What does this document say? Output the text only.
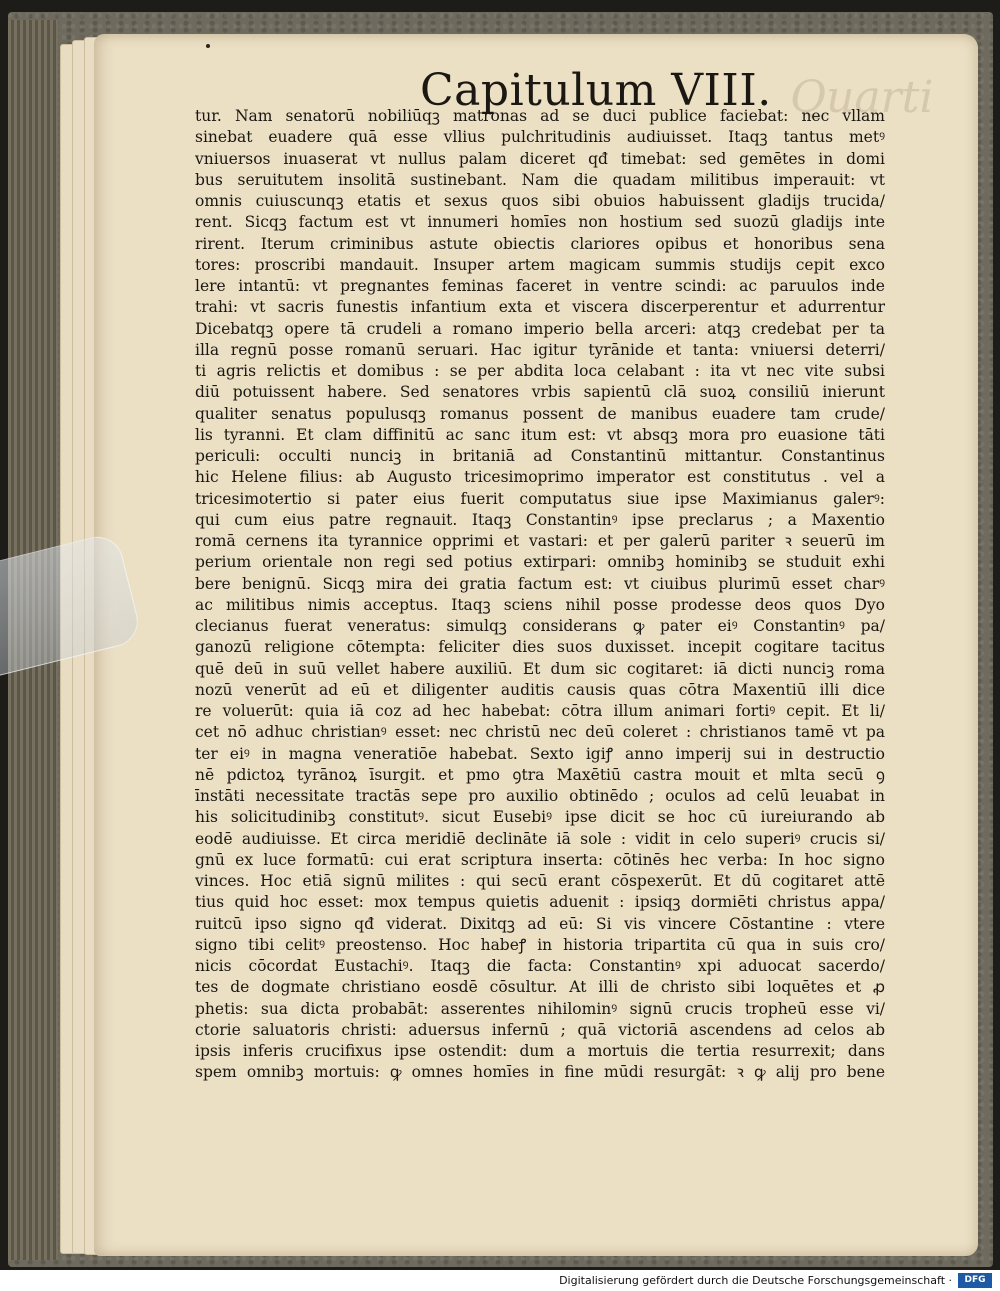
Quarti
Capitulum VIII.
tur. Nam senatorū nobiliūqꝫ matronas ad se duci publice faciebat: nec vllam
sinebat euadere quā esse vllius pulchritudinis audiuisset. Itaqꝫ tantus metꝰ
vniuersos inuaserat vt nullus palam diceret qđ timebat: sed gemētes in domi
bus seruitutem insolitā sustinebant. Nam die quadam militibus imperauit: vt
omnis cuiuscunqꝫ etatis et sexus quos sibi obuios habuissent gladijs trucida/
rent. Sicqꝫ factum est vt innumeri homīes non hostium sed suozū gladijs inte
rirent. Iterum criminibus astute obiectis clariores opibus et honoribus sena
tores: proscribi mandauit. Insuper artem magicam summis studijs cepit exco
lere intantū: vt pregnantes feminas faceret in ventre scindi: ac paruulos inde
trahi: vt sacris funestis infantium exta et viscera discerperentur et adurrentur
Dicebatqꝫ opere tā crudeli a romano imperio bella arceri: atqꝫ credebat per ta
illa regnū posse romanū seruari. Hac igitur tyrānide et tanta: vniuersi deterri/
ti agris relictis et domibus : se per abdita loca celabant : ita vt nec vite subsi
diū potuissent habere. Sed senatores vrbis sapientū clā suoꝝ consiliū inierunt
qualiter senatus populusqꝫ romanus possent de manibus euadere tam crude/
lis tyranni. Et clam diffinitū ac sanc itum est: vt absqꝫ mora pro euasione tāti
periculi: occulti nunciꝫ in britaniā ad Constantinū mittantur. Constantinus
hic Helene filius: ab Augusto tricesimoprimo imperator est constitutus . vel a
tricesimotertio si pater eius fuerit computatus siue ipse Maximianus galerꝰ:
qui cum eius patre regnauit. Itaqꝫ Constantinꝰ ipse preclarus ; a Maxentio
romā cernens ita tyrannice opprimi et vastari: et per galerū pariter ꝛ seuerū im
perium orientale non regi sed potius extirpari: omnibꝫ hominibꝫ se studuit exhi
bere benignū. Sicqꝫ mira dei gratia factum est: vt ciuibus plurimū esset charꝰ
ac militibus nimis acceptus. Itaqꝫ sciens nihil posse prodesse deos quos Dyo
clecianus fuerat veneratus: simulqꝫ considerans ꝙ pater eiꝰ Constantinꝰ pa/
ganozū religione cōtempta: feliciter dies suos duxisset. incepit cogitare tacitus
quē deū in suū vellet habere auxiliū. Et dum sic cogitaret: iā dicti nunciꝫ roma
nozū venerūt ad eū et diligenter auditis causis quas cōtra Maxentiū illi dice
re voluerūt: quia iā coz ad hec habebat: cōtra illum animari fortiꝰ cepit. Et li/
cet nō adhuc christianꝰ esset: nec christū nec deū coleret : christianos tamē vt pa
ter eiꝰ in magna veneratiōe habebat. Sexto igiꝭ anno imperij sui in destructio
nē pdictoꝝ tyrānoꝝ īsurgit. et pmo ꝯtra Maxētiū castra mouit et mlta secū ꝯ
īnstāti necessitate tractās sepe pro auxilio obtinēdo ; oculos ad celū leuabat in
his solicitudinibꝫ constitutꝰ. sicut Eusebiꝰ ipse dicit se hoc cū iureiurando ab
eodē audiuisse. Et circa meridiē declināte iā sole : vidit in celo superiꝰ crucis si/
gnū ex luce formatū: cui erat scriptura inserta: cōtinēs hec verba: In hoc signo
vinces. Hoc etiā signū milites : qui secū erant cōspexerūt. Et dū cogitaret attē
tius quid hoc esset: mox tempus quietis aduenit : ipsiqꝫ dormiēti christus appa/
ruitcū ipso signo qđ viderat. Dixitqꝫ ad eū: Si vis vincere Cōstantine : vtere
signo tibi celitꝰ preostenso. Hoc habeꝭ in historia tripartita cū qua in suis cro/
nicis cōcordat Eustachiꝰ. Itaqꝫ die facta: Constantinꝰ xpi aduocat sacerdo/
tes de dogmate christiano eosdē cōsultur. At illi de christo sibi loquētes et ꝓ
phetis: sua dicta probabāt: asserentes nihilominꝰ signū crucis tropheū esse vi/
ctorie saluatoris christi: aduersus infernū ; quā victoriā ascendens ad celos ab
ipsis inferis crucifixus ipse ostendit: dum a mortuis die tertia resurrexit; dans
spem omnibꝫ mortuis: ꝙ omnes homīes in fine mūdi resurgāt: ꝛ ꝙ alij pro bene
Digitalisierung gefördert durch die Deutsche Forschungsgemeinschaft ·	DFG
